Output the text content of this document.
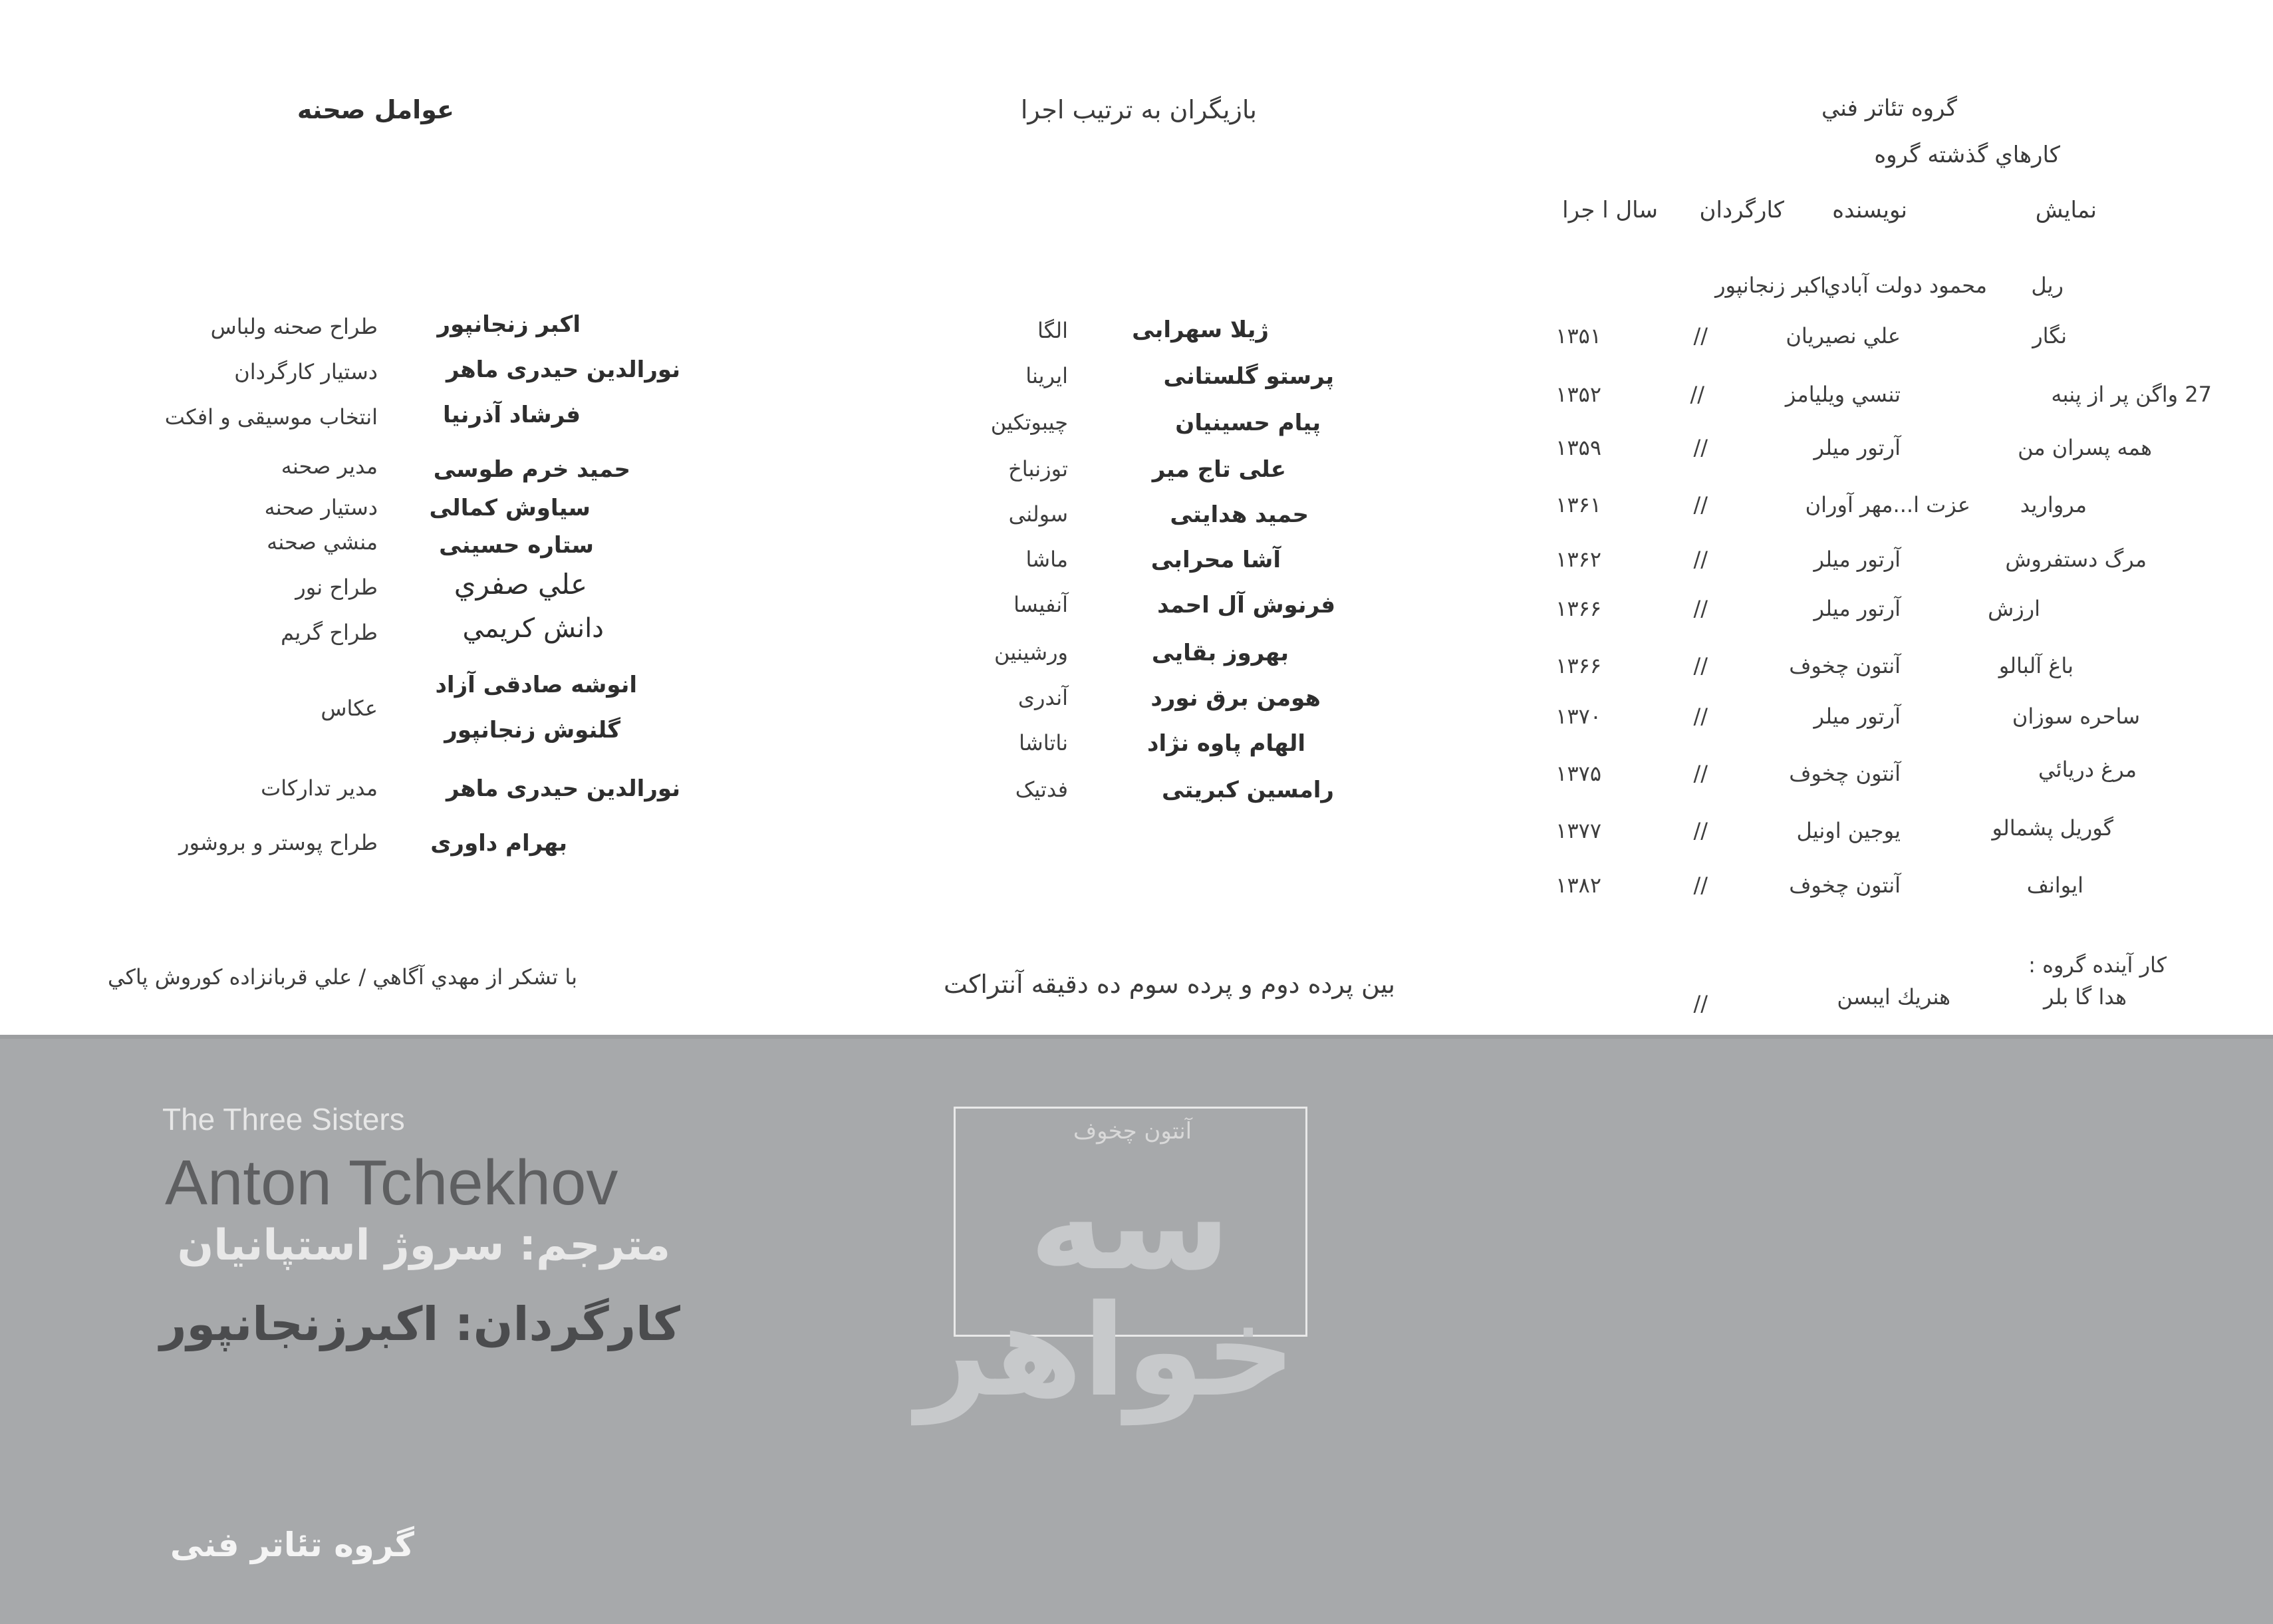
گروه تئاتر فني
كارهاي گذشته گروه
نمايش
نويسنده
كارگردان
سال ا جرا
ريل
محمود دولت آبادي
اكبر زنجانپور
نگار
علي نصيريان
//
۱۳۵۱
27 واگن پر از پنبه
تنسي ويليامز
//
۱۳۵۲
همه پسران من
آرتور ميلر
//
۱۳۵۹
مرواريد
عزت ا...مهر آوران
//
۱۳۶۱
مرگ دستفروش
آرتور ميلر
//
۱۳۶۲
ارزش
آرتور ميلر
//
۱۳۶۶
باغ آلبالو
آنتون چخوف
//
۱۳۶۶
ساحره سوزان
آرتور ميلر
//
۱۳۷۰
مرغ دريائي
آنتون چخوف
//
۱۳۷۵
گوريل پشمالو
يوجين اونيل
//
۱۳۷۷
ايوانف
آنتون چخوف
//
۱۳۸۲
كار آينده گروه :
هدا گا بلر
هنريك ايبسن
//
بازيگران به ترتيب اجرا
ژيلا سهرابی
الگا
پرستو گلستانی
ایرینا
پیام حسینیان
چیبوتکین
علی تاج میر
توزنباخ
حمید هدایتی
سولنی
آشا محرابی
ماشا
فرنوش آل احمد
آنفیسا
بهروز بقایی
ورشینین
هومن برق نورد
آندری
الهام پاوه نژاد
ناتاشا
رامسين كبريتی
فدتیک
بين پرده دوم و پرده سوم ده دقيقه آنتراكت
عوامل صحنه
اكبر زنجانپور
طراح صحنه ولباس
نورالدين حیدری ماهر
دستیار کارگردان
فرشاد آذرنیا
انتخاب موسیقی و افکت
حمید خرم طوسی
مدیر صحنه
سیاوش کمالی
دستیار صحنه
ستاره حسینی
منشي صحنه
علي صفري
طراح نور
دانش كريمي
طراح گريم
انوشه صادقی آزاد
گلنوش زنجانپور
عكاس
نورالدين حیدری ماهر
مدير تداركات
بهرام داوری
طراح پوستر و بروشور
با تشكر از مهدي آگاهي / علي قربانزاده كوروش پاكي
The Three Sisters
Anton Tchekhov
مترجم: سروژ استپانيان
كارگردان: اكبرزنجانپور
گروه تئاتر فنی
سه خواهر
آنتون چخوف
